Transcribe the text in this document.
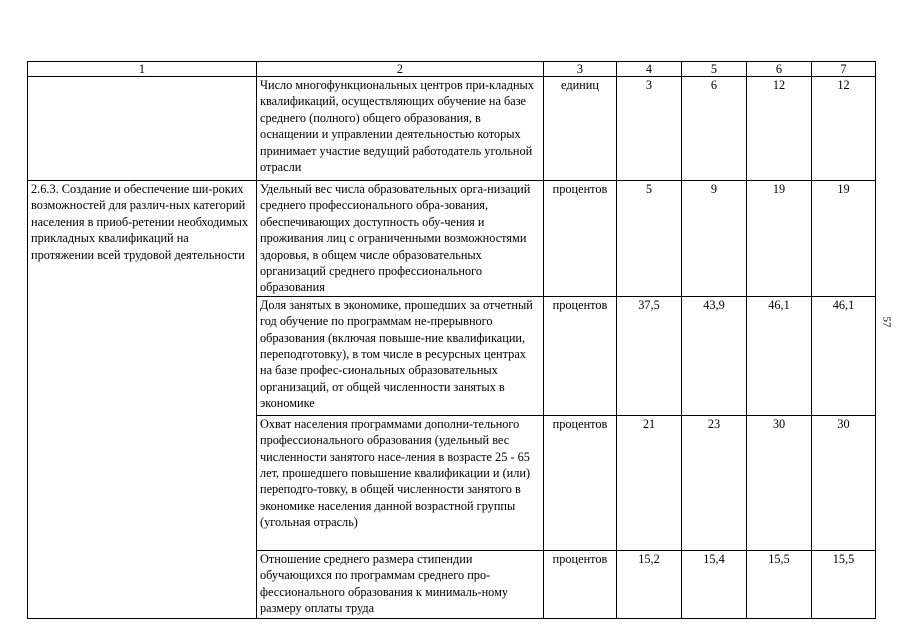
1	2	3	4	5	6	7
	Число многофункциональных центров при-кладных квалификаций, осуществляющих обучение на базе среднего (полного) общего образования, в оснащении и управлении деятельностью которых принимает участие ведущий работодатель угольной отрасли	единиц	3	6	12	12
2.6.3. Создание и обеспечение ши-роких возможностей для различ-ных категорий населения в приоб-ретении необходимых прикладных квалификаций на протяжении всей трудовой деятельности	Удельный вес числа образовательных орга-низаций среднего профессионального обра-зования, обеспечивающих доступность обу-чения и проживания лиц с ограниченными возможностями здоровья, в общем числе образовательных организаций среднего профессионального образования	процентов	5	9	19	19
	Доля занятых в экономике, прошедших за отчетный год обучение по программам не-прерывного образования (включая повыше-ние квалификации, переподготовку), в том числе в ресурсных центрах на базе профес-сиональных образовательных организаций, от общей численности занятых в экономике	процентов	37,5	43,9	46,1	46,1
	Охват населения программами дополни-тельного профессионального образования (удельный вес численности занятого насе-ления в возрасте 25 - 65 лет, прошедшего повышение квалификации и (или) переподго-товку, в общей численности занятого в экономике населения данной возрастной группы (угольная отрасль)	процентов	21	23	30	30
	Отношение среднего размера стипендии обучающихся по программам среднего про-фессионального образования к минималь-ному размеру оплаты труда	процентов	15,2	15,4	15,5	15,5
57
